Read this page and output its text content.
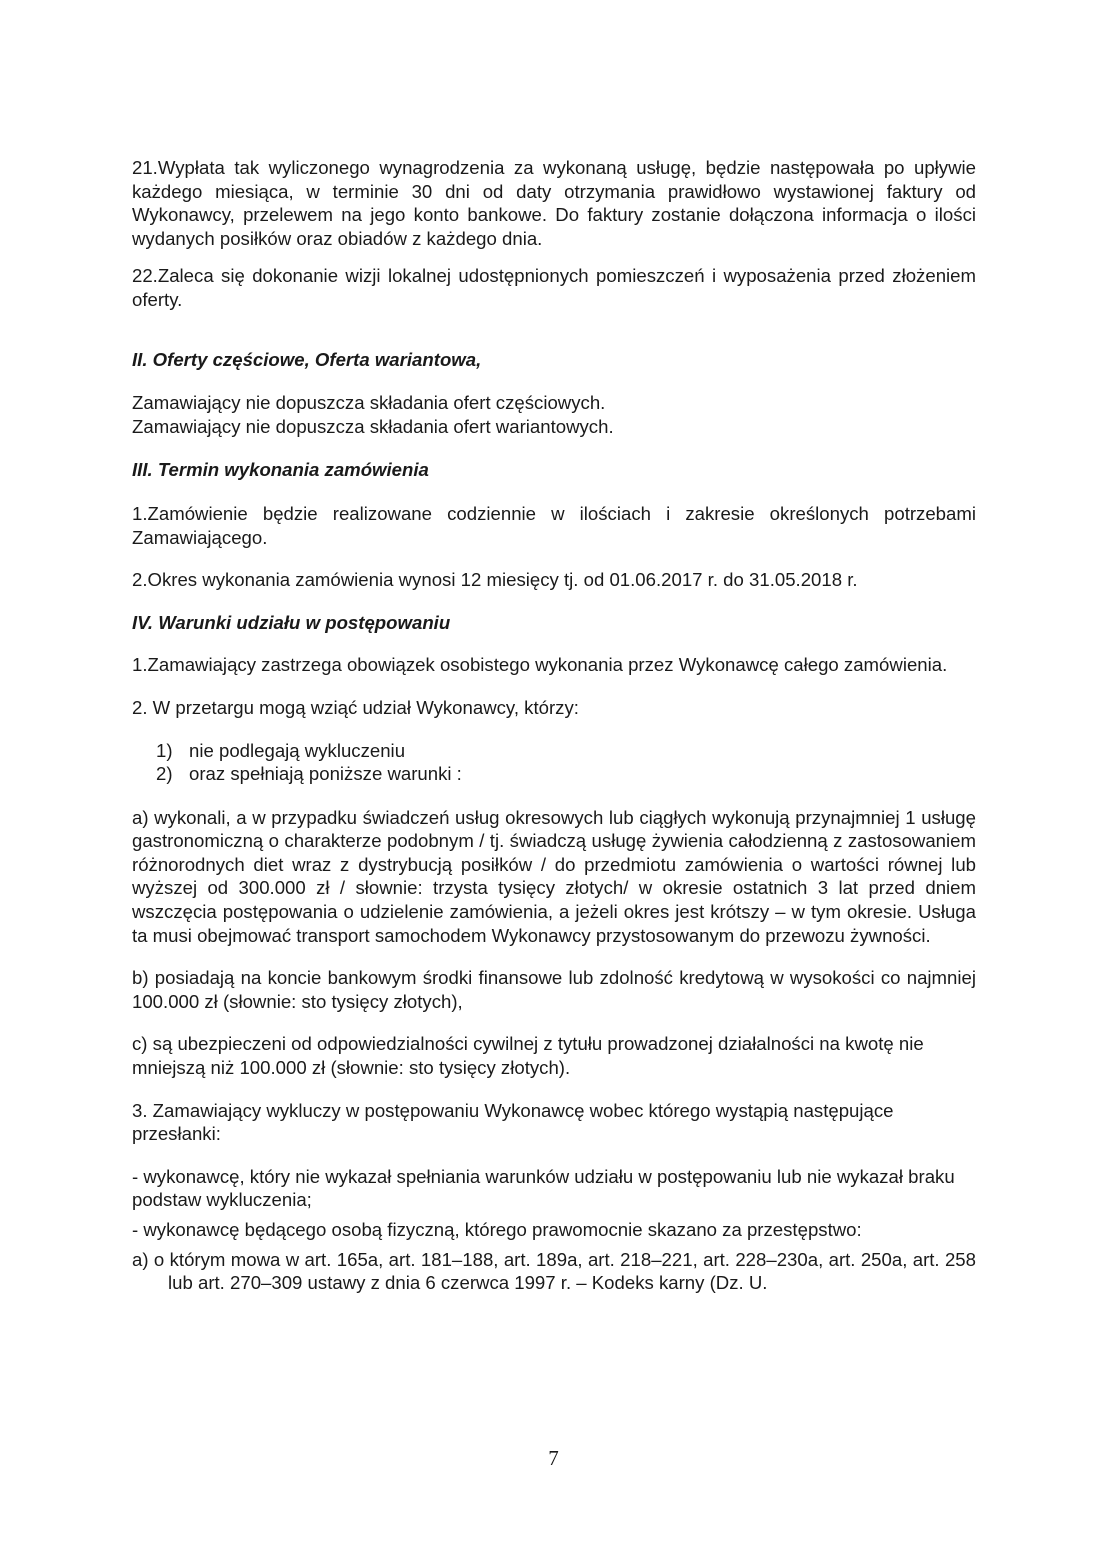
21.Wypłata tak wyliczonego wynagrodzenia za wykonaną usługę, będzie następowała po upływie każdego miesiąca, w terminie 30 dni od daty otrzymania prawidłowo wystawionej faktury od Wykonawcy, przelewem na jego konto bankowe. Do faktury zostanie dołączona informacja o ilości wydanych posiłków oraz obiadów z każdego dnia.

22.Zaleca się dokonanie wizji lokalnej udostępnionych pomieszczeń i wyposażenia przed złożeniem oferty.

II. Oferty częściowe, Oferta wariantowa,

Zamawiający nie dopuszcza składania ofert częściowych.

Zamawiający nie dopuszcza składania ofert wariantowych.

III. Termin wykonania zamówienia

1.Zamówienie będzie realizowane codziennie w ilościach i zakresie określonych potrzebami Zamawiającego.

2.Okres wykonania zamówienia wynosi 12 miesięcy tj. od 01.06.2017 r. do 31.05.2018 r.

IV. Warunki udziału w postępowaniu

1.Zamawiający zastrzega obowiązek osobistego wykonania przez Wykonawcę całego zamówienia.

2. W przetargu mogą wziąć udział Wykonawcy, którzy:

1) nie podlegają wykluczeniu
2) oraz spełniają poniższe warunki :

a) wykonali, a w przypadku świadczeń usług okresowych lub ciągłych wykonują przynajmniej 1 usługę gastronomiczną o charakterze podobnym / tj. świadczą usługę żywienia całodzienną z zastosowaniem różnorodnych diet wraz z dystrybucją posiłków / do przedmiotu zamówienia o wartości równej lub wyższej od 300.000 zł / słownie: trzysta tysięcy złotych/ w okresie ostatnich 3 lat przed dniem wszczęcia postępowania o udzielenie zamówienia, a jeżeli okres jest krótszy – w tym okresie. Usługa ta musi obejmować transport samochodem Wykonawcy przystosowanym do przewozu żywności.

b) posiadają na koncie bankowym środki finansowe lub zdolność kredytową w wysokości co najmniej 100.000 zł (słownie: sto tysięcy złotych),

c) są ubezpieczeni od odpowiedzialności cywilnej z tytułu prowadzonej działalności na kwotę nie mniejszą niż 100.000 zł (słownie: sto tysięcy złotych).

3. Zamawiający wykluczy w postępowaniu Wykonawcę wobec którego wystąpią następujące przesłanki:

- wykonawcę, który nie wykazał spełniania warunków udziału w postępowaniu lub nie wykazał braku podstaw wykluczenia;

- wykonawcę będącego osobą fizyczną, którego prawomocnie skazano za przestępstwo:

a) o którym mowa w art. 165a, art. 181–188, art. 189a, art. 218–221, art. 228–230a, art. 250a, art. 258 lub art. 270–309 ustawy z dnia 6 czerwca 1997 r. – Kodeks karny (Dz. U.

7
